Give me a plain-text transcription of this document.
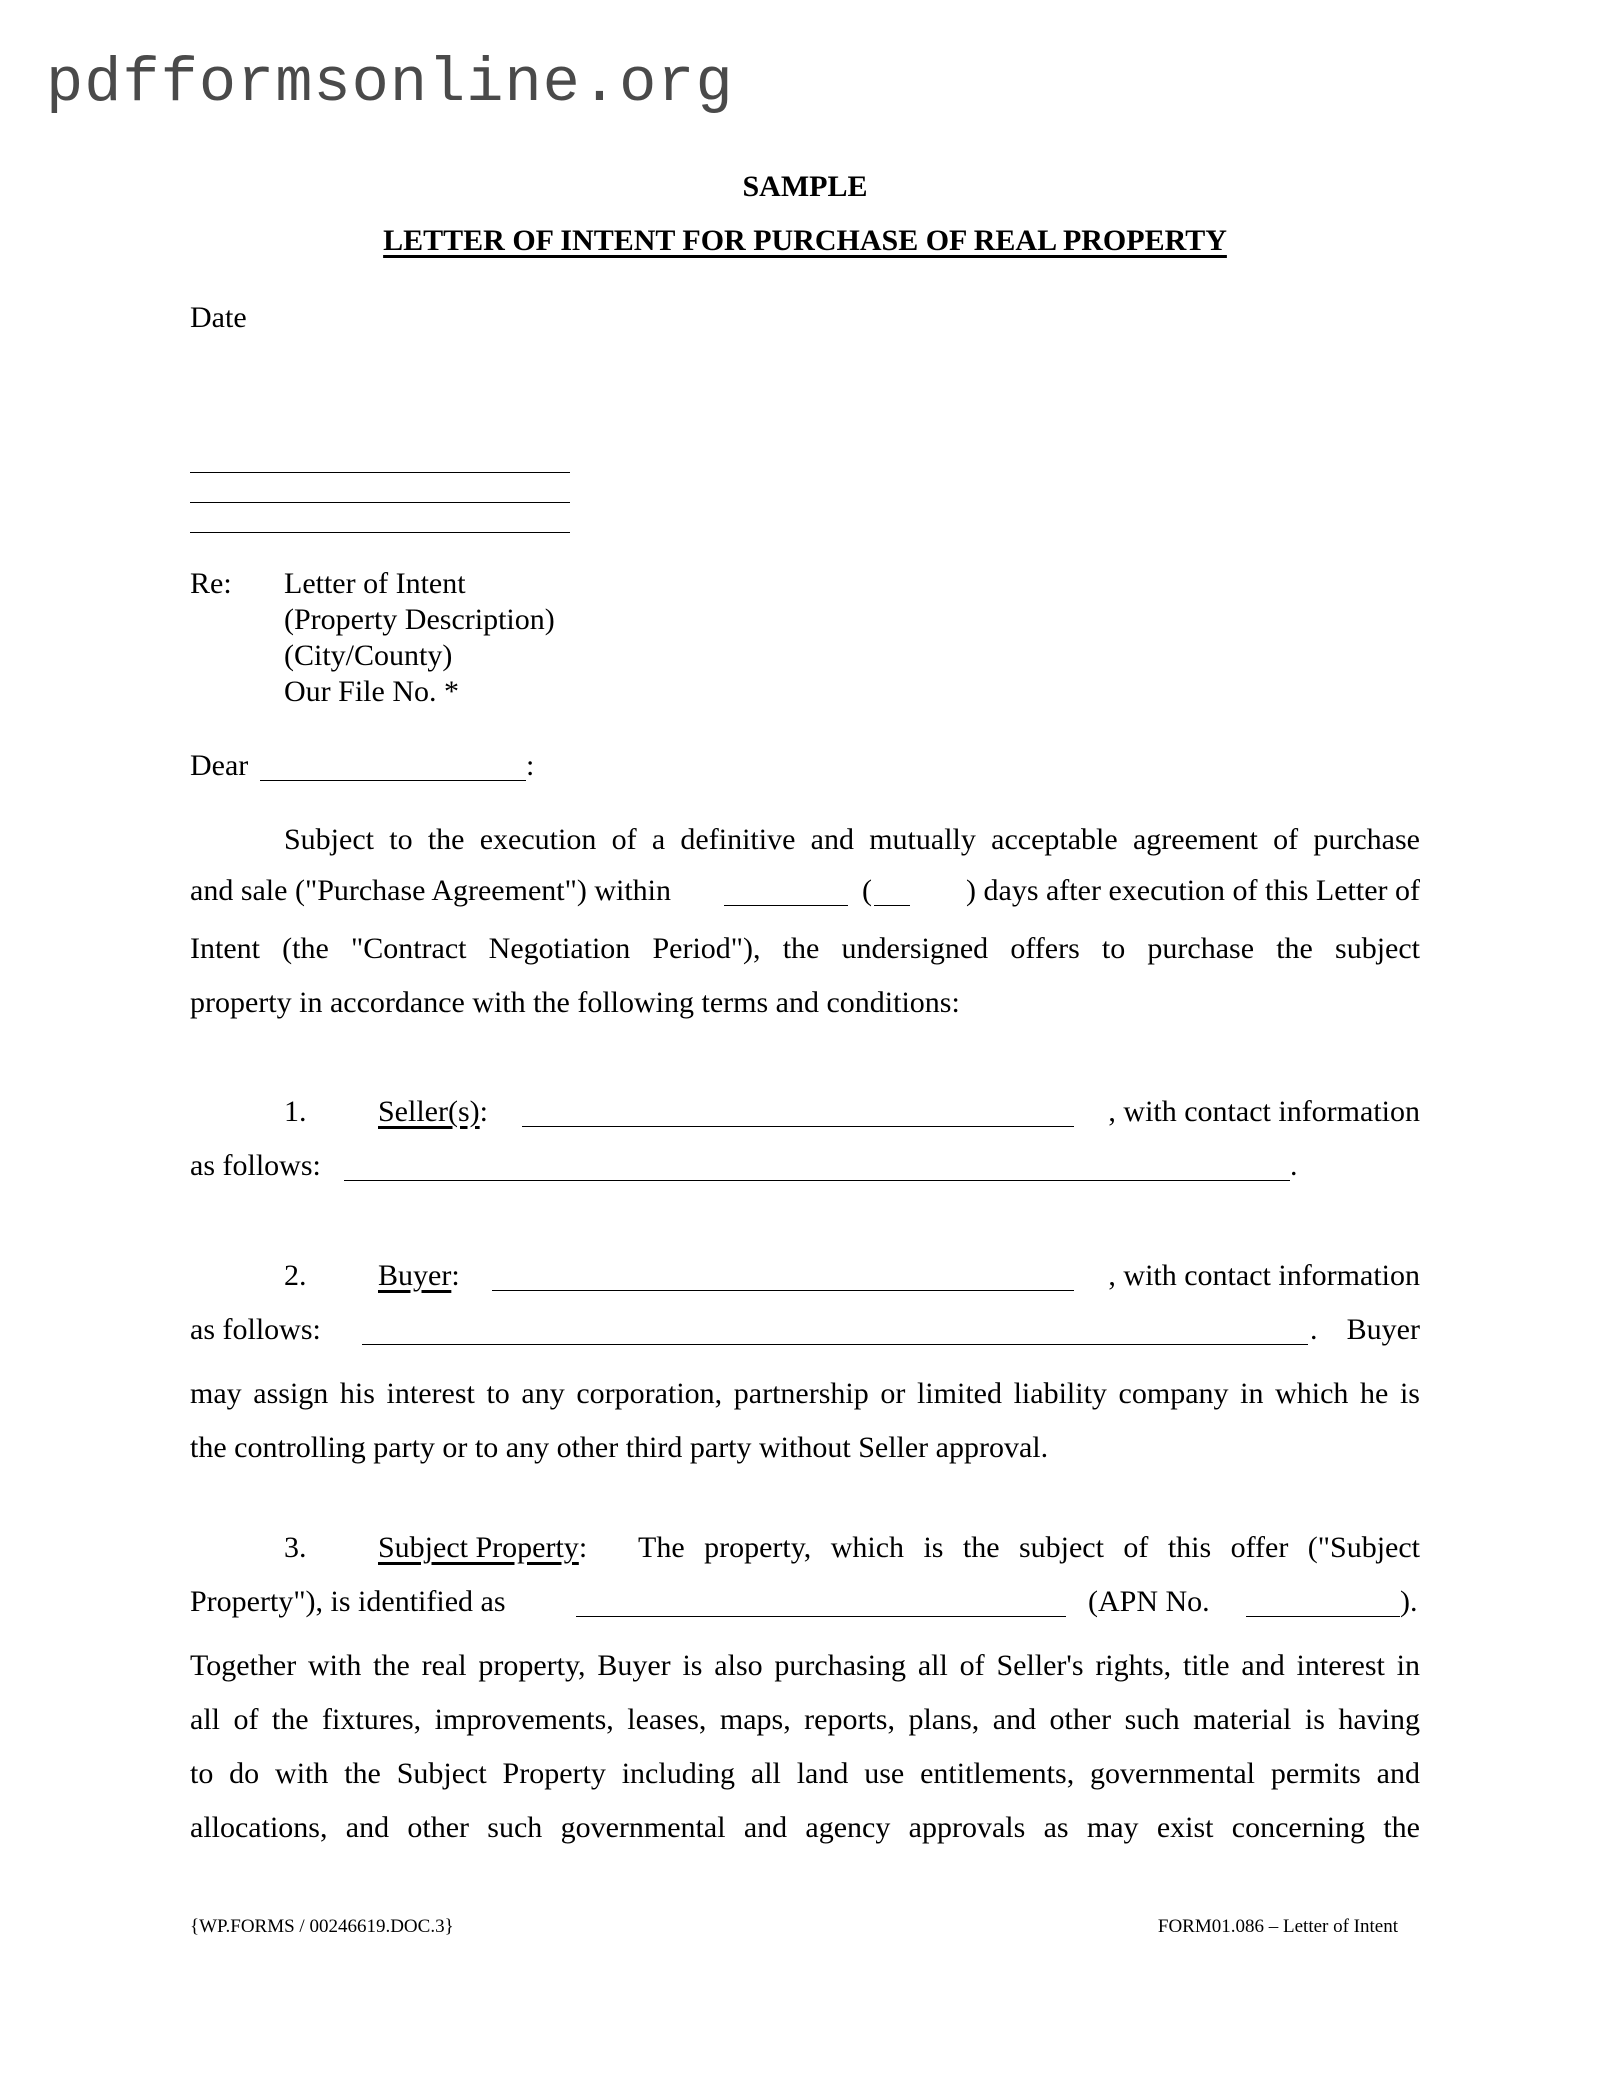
pdfformsonline.org
SAMPLE
LETTER OF INTENT FOR PURCHASE OF REAL PROPERTY
Date
Re: Letter of Intent
(Property Description)
(City/County)
Our File No. *
Dear	:
Subject to the execution of a definitive and mutually acceptable agreement of purchase
and sale ("Purchase Agreement") within	(	) days after execution of this Letter of
Intent (the "Contract Negotiation Period"), the undersigned offers to purchase the subject
property in accordance with the following terms and conditions:
1. Seller(s):	, with contact information
as follows:	.
2. Buyer:	, with contact information
as follows:	. Buyer
may assign his interest to any corporation, partnership or limited liability company in which he is
the controlling party or to any other third party without Seller approval.
3. Subject Property: The property, which is the subject of this offer ("Subject
Property"), is identified as	(APN No.	).
Together with the real property, Buyer is also purchasing all of Seller's rights, title and interest in
all of the fixtures, improvements, leases, maps, reports, plans, and other such material is having
to do with the Subject Property including all land use entitlements, governmental permits and
allocations, and other such governmental and agency approvals as may exist concerning the
{WP.FORMS / 00246619.DOC.3}	FORM01.086 – Letter of Intent
